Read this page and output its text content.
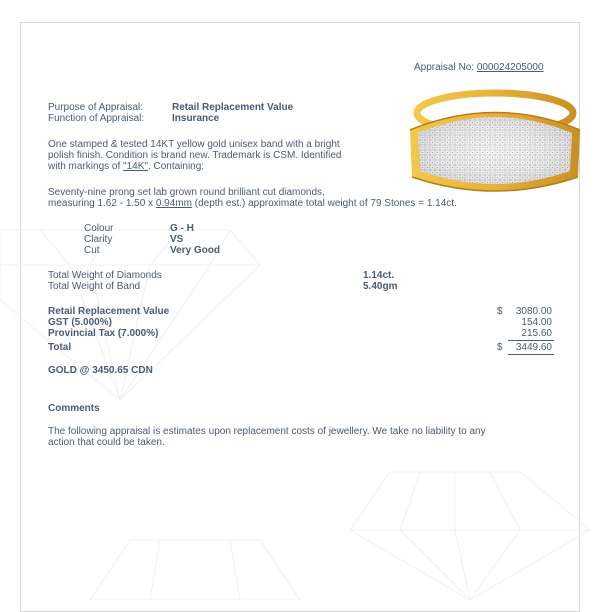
Appraisal No: 000024205000
Purpose of Appraisal:	Retail Replacement Value
Function of Appraisal:	Insurance
One stamped & tested 14KT yellow gold unisex band with a bright
polish finish. Condition is brand new. Trademark is CSM. Identified
with markings of "14K". Containing:
Seventy-nine prong set lab grown round brilliant cut diamonds,
measuring 1.62 - 1.50 x 0.94mm (depth est.) approximate total weight of 79 Stones = 1.14ct.
Colour	G - H
Clarity	VS
Cut	Very Good
Total Weight of Diamonds	1.14ct.
Total Weight of Band	5.40gm
Retail Replacement Value	$	3080.00
GST (5.000%)	154.00
Provincial Tax (7.000%)	215.60
Total	$	3449.60
GOLD @ 3450.65 CDN
Comments
The following appraisal is estimates upon replacement costs of jewellery. We take no liability to any
action that could be taken.
